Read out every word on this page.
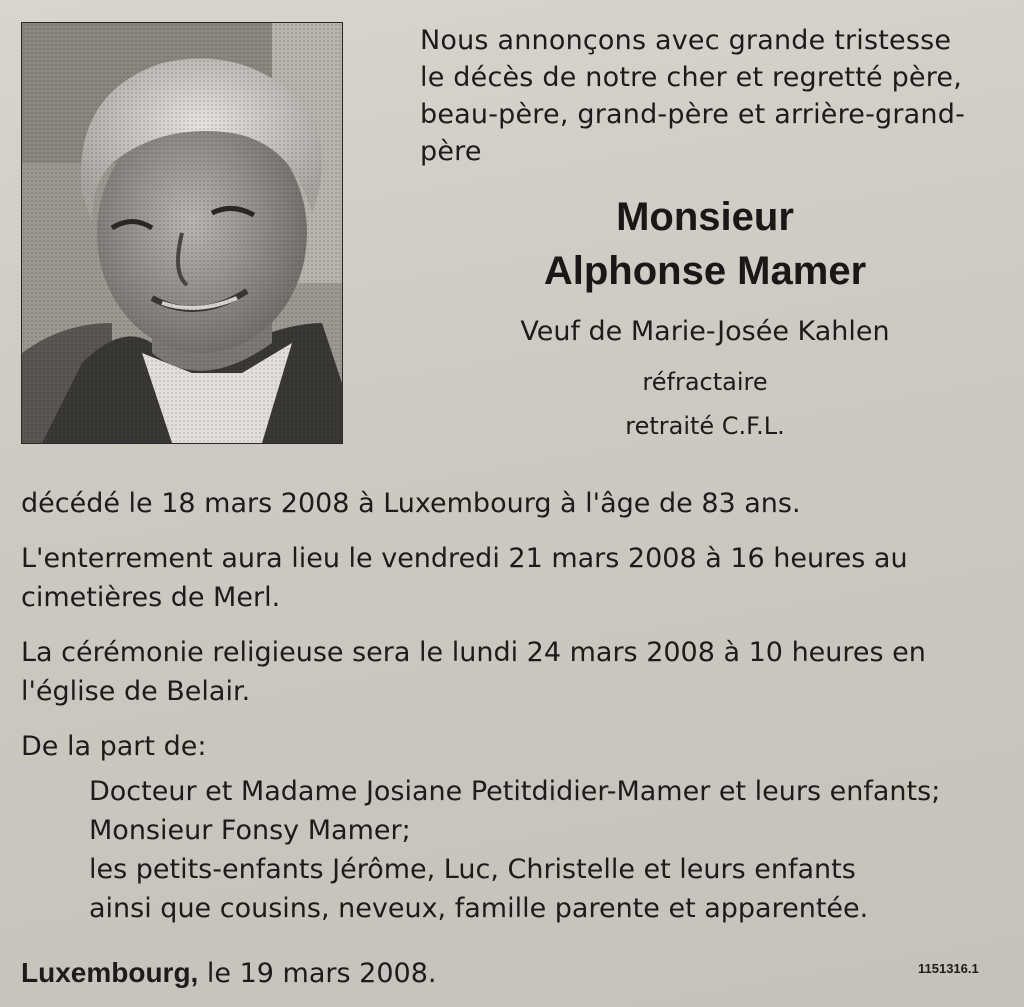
Nous annonçons avec grande tristesse
le décès de notre cher et regretté père,
beau-père, grand-père et arrière-grand-
père
Monsieur
Alphonse Mamer
Veuf de Marie-Josée Kahlen
réfractaire
retraité C.F.L.

décédé le 18 mars 2008 à Luxembourg à l'âge de 83 ans.

L'enterrement aura lieu le vendredi 21 mars 2008 à 16 heures au
cimetières de Merl.

La cérémonie religieuse sera le lundi 24 mars 2008 à 10 heures en
l'église de Belair.

De la part de:

Docteur et Madame Josiane Petitdidier-Mamer et leurs enfants;
Monsieur Fonsy Mamer;
les petits-enfants Jérôme, Luc, Christelle et leurs enfants
ainsi que cousins, neveux, famille parente et apparentée.
Luxembourg, le 19 mars 2008.	1151316.1
